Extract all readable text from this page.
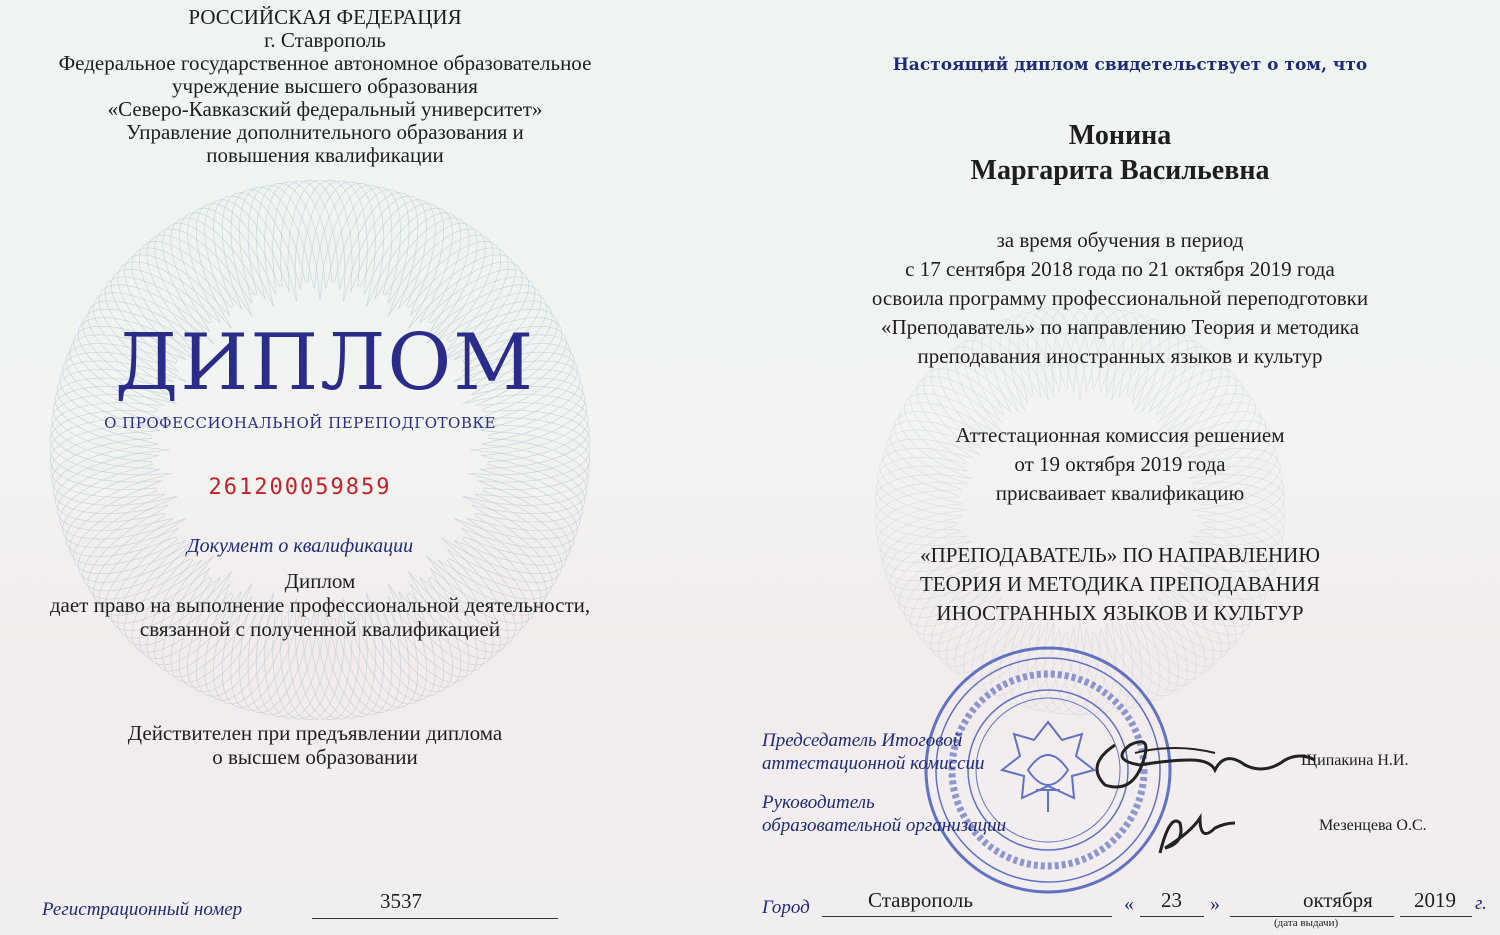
РОССИЙСКАЯ ФЕДЕРАЦИЯ
г. Ставрополь
Федеральное государственное автономное образовательное
учреждение высшего образования
«Северо-Кавказский федеральный университет»
Управление дополнительного образования и
повышения квалификации
ДИПЛОМ
О ПРОФЕССИОНАЛЬНОЙ ПЕРЕПОДГОТОВКЕ
261200059859
Документ о квалификации
Диплом
дает право на выполнение профессиональной деятельности,
связанной с полученной квалификацией
Действителен при предъявлении диплома
о высшем образовании
Регистрационный номер	3537
Настоящий диплом свидетельствует о том, что
Монина
Маргарита Васильевна
за время обучения в период
с 17 сентября 2018 года по 21 октября 2019 года
освоила программу профессиональной переподготовки
«Преподаватель» по направлению Теория и методика
преподавания иностранных языков и культур
Аттестационная комиссия решением
от 19 октября 2019 года
присваивает квалификацию
«ПРЕПОДАВАТЕЛЬ» ПО НАПРАВЛЕНИЮ
ТЕОРИЯ И МЕТОДИКА ПРЕПОДАВАНИЯ
ИНОСТРАННЫХ ЯЗЫКОВ И КУЛЬТУР
Председатель Итоговой
аттестационной комиссии	Щипакина Н.И.
Руководитель
образовательной организации	Мезенцева О.С.
Город	Ставрополь	« 23 »	октября 2019 г.
(дата выдачи)
